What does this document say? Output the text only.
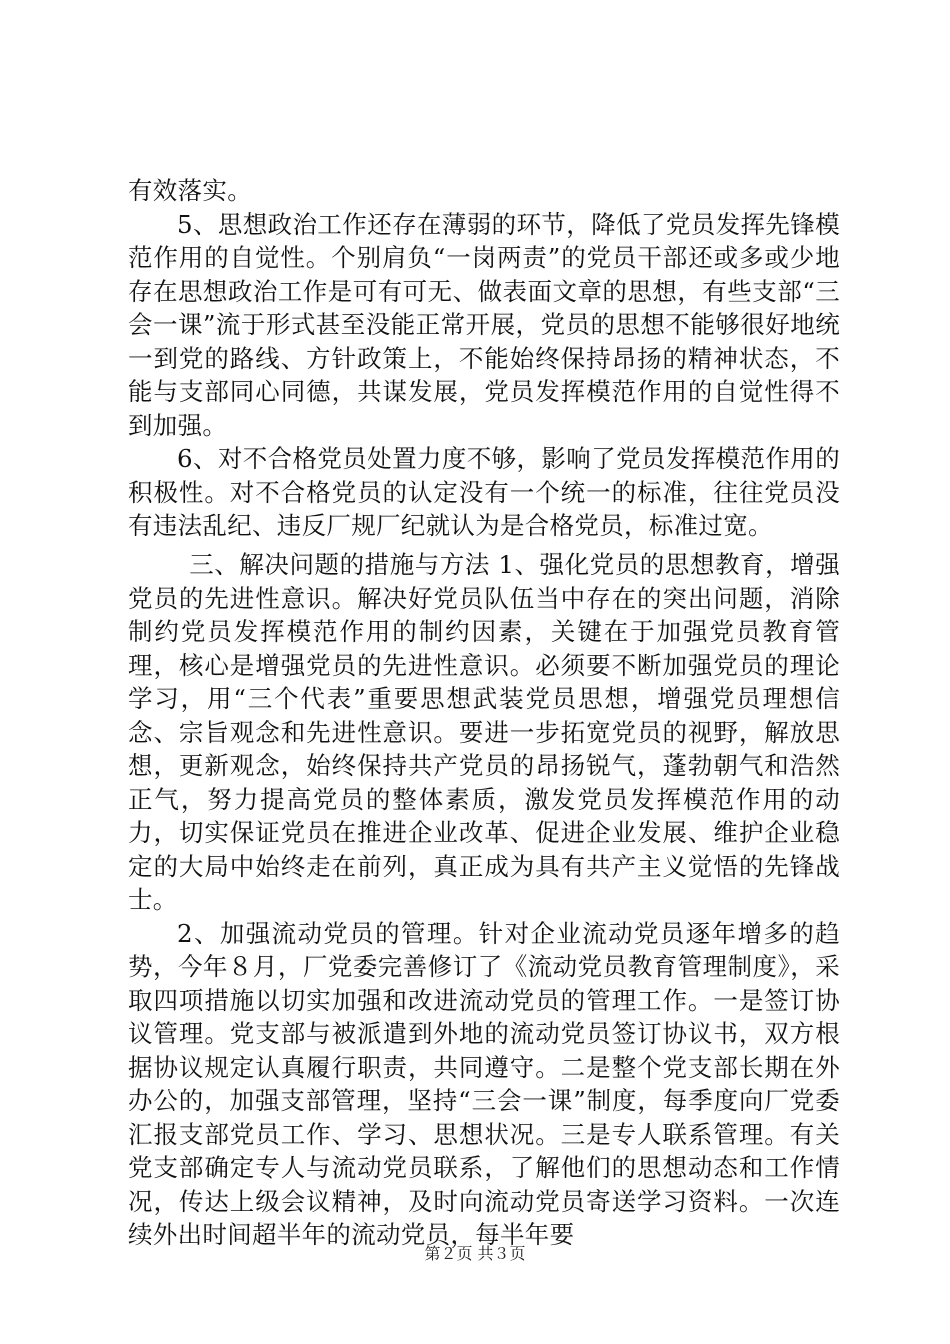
有效落实。

5、思想政治工作还存在薄弱的环节，降低了党员发挥先锋模范作用的自觉性。个别肩负“一岗两责”的党员干部还或多或少地存在思想政治工作是可有可无、做表面文章的思想，有些支部“三会一课”流于形式甚至没能正常开展，党员的思想不能够很好地统一到党的路线、方针政策上，不能始终保持昂扬的精神状态，不能与支部同心同德，共谋发展，党员发挥模范作用的自觉性得不到加强。

6、对不合格党员处置力度不够，影响了党员发挥模范作用的积极性。对不合格党员的认定没有一个统一的标准，往往党员没有违法乱纪、违反厂规厂纪就认为是合格党员，标准过宽。

三、解决问题的措施与方法 1、强化党员的思想教育，增强党员的先进性意识。解决好党员队伍当中存在的突出问题，消除制约党员发挥模范作用的制约因素，关键在于加强党员教育管理，核心是增强党员的先进性意识。必须要不断加强党员的理论学习，用“三个代表”重要思想武装党员思想，增强党员理想信念、宗旨观念和先进性意识。要进一步拓宽党员的视野，解放思想，更新观念，始终保持共产党员的昂扬锐气，蓬勃朝气和浩然正气，努力提高党员的整体素质，激发党员发挥模范作用的动力，切实保证党员在推进企业改革、促进企业发展、维护企业稳定的大局中始终走在前列，真正成为具有共产主义觉悟的先锋战士。

2、加强流动党员的管理。针对企业流动党员逐年增多的趋势，今年８月，厂党委完善修订了《流动党员教育管理制度》，采取四项措施以切实加强和改进流动党员的管理工作。一是签订协议管理。党支部与被派遣到外地的流动党员签订协议书，双方根据协议规定认真履行职责，共同遵守。二是整个党支部长期在外办公的，加强支部管理，坚持“三会一课”制度，每季度向厂党委汇报支部党员工作、学习、思想状况。三是专人联系管理。有关党支部确定专人与流动党员联系，了解他们的思想动态和工作情况，传达上级会议精神，及时向流动党员寄送学习资料。一次连续外出时间超半年的流动党员，每半年要

第２页 共３页
